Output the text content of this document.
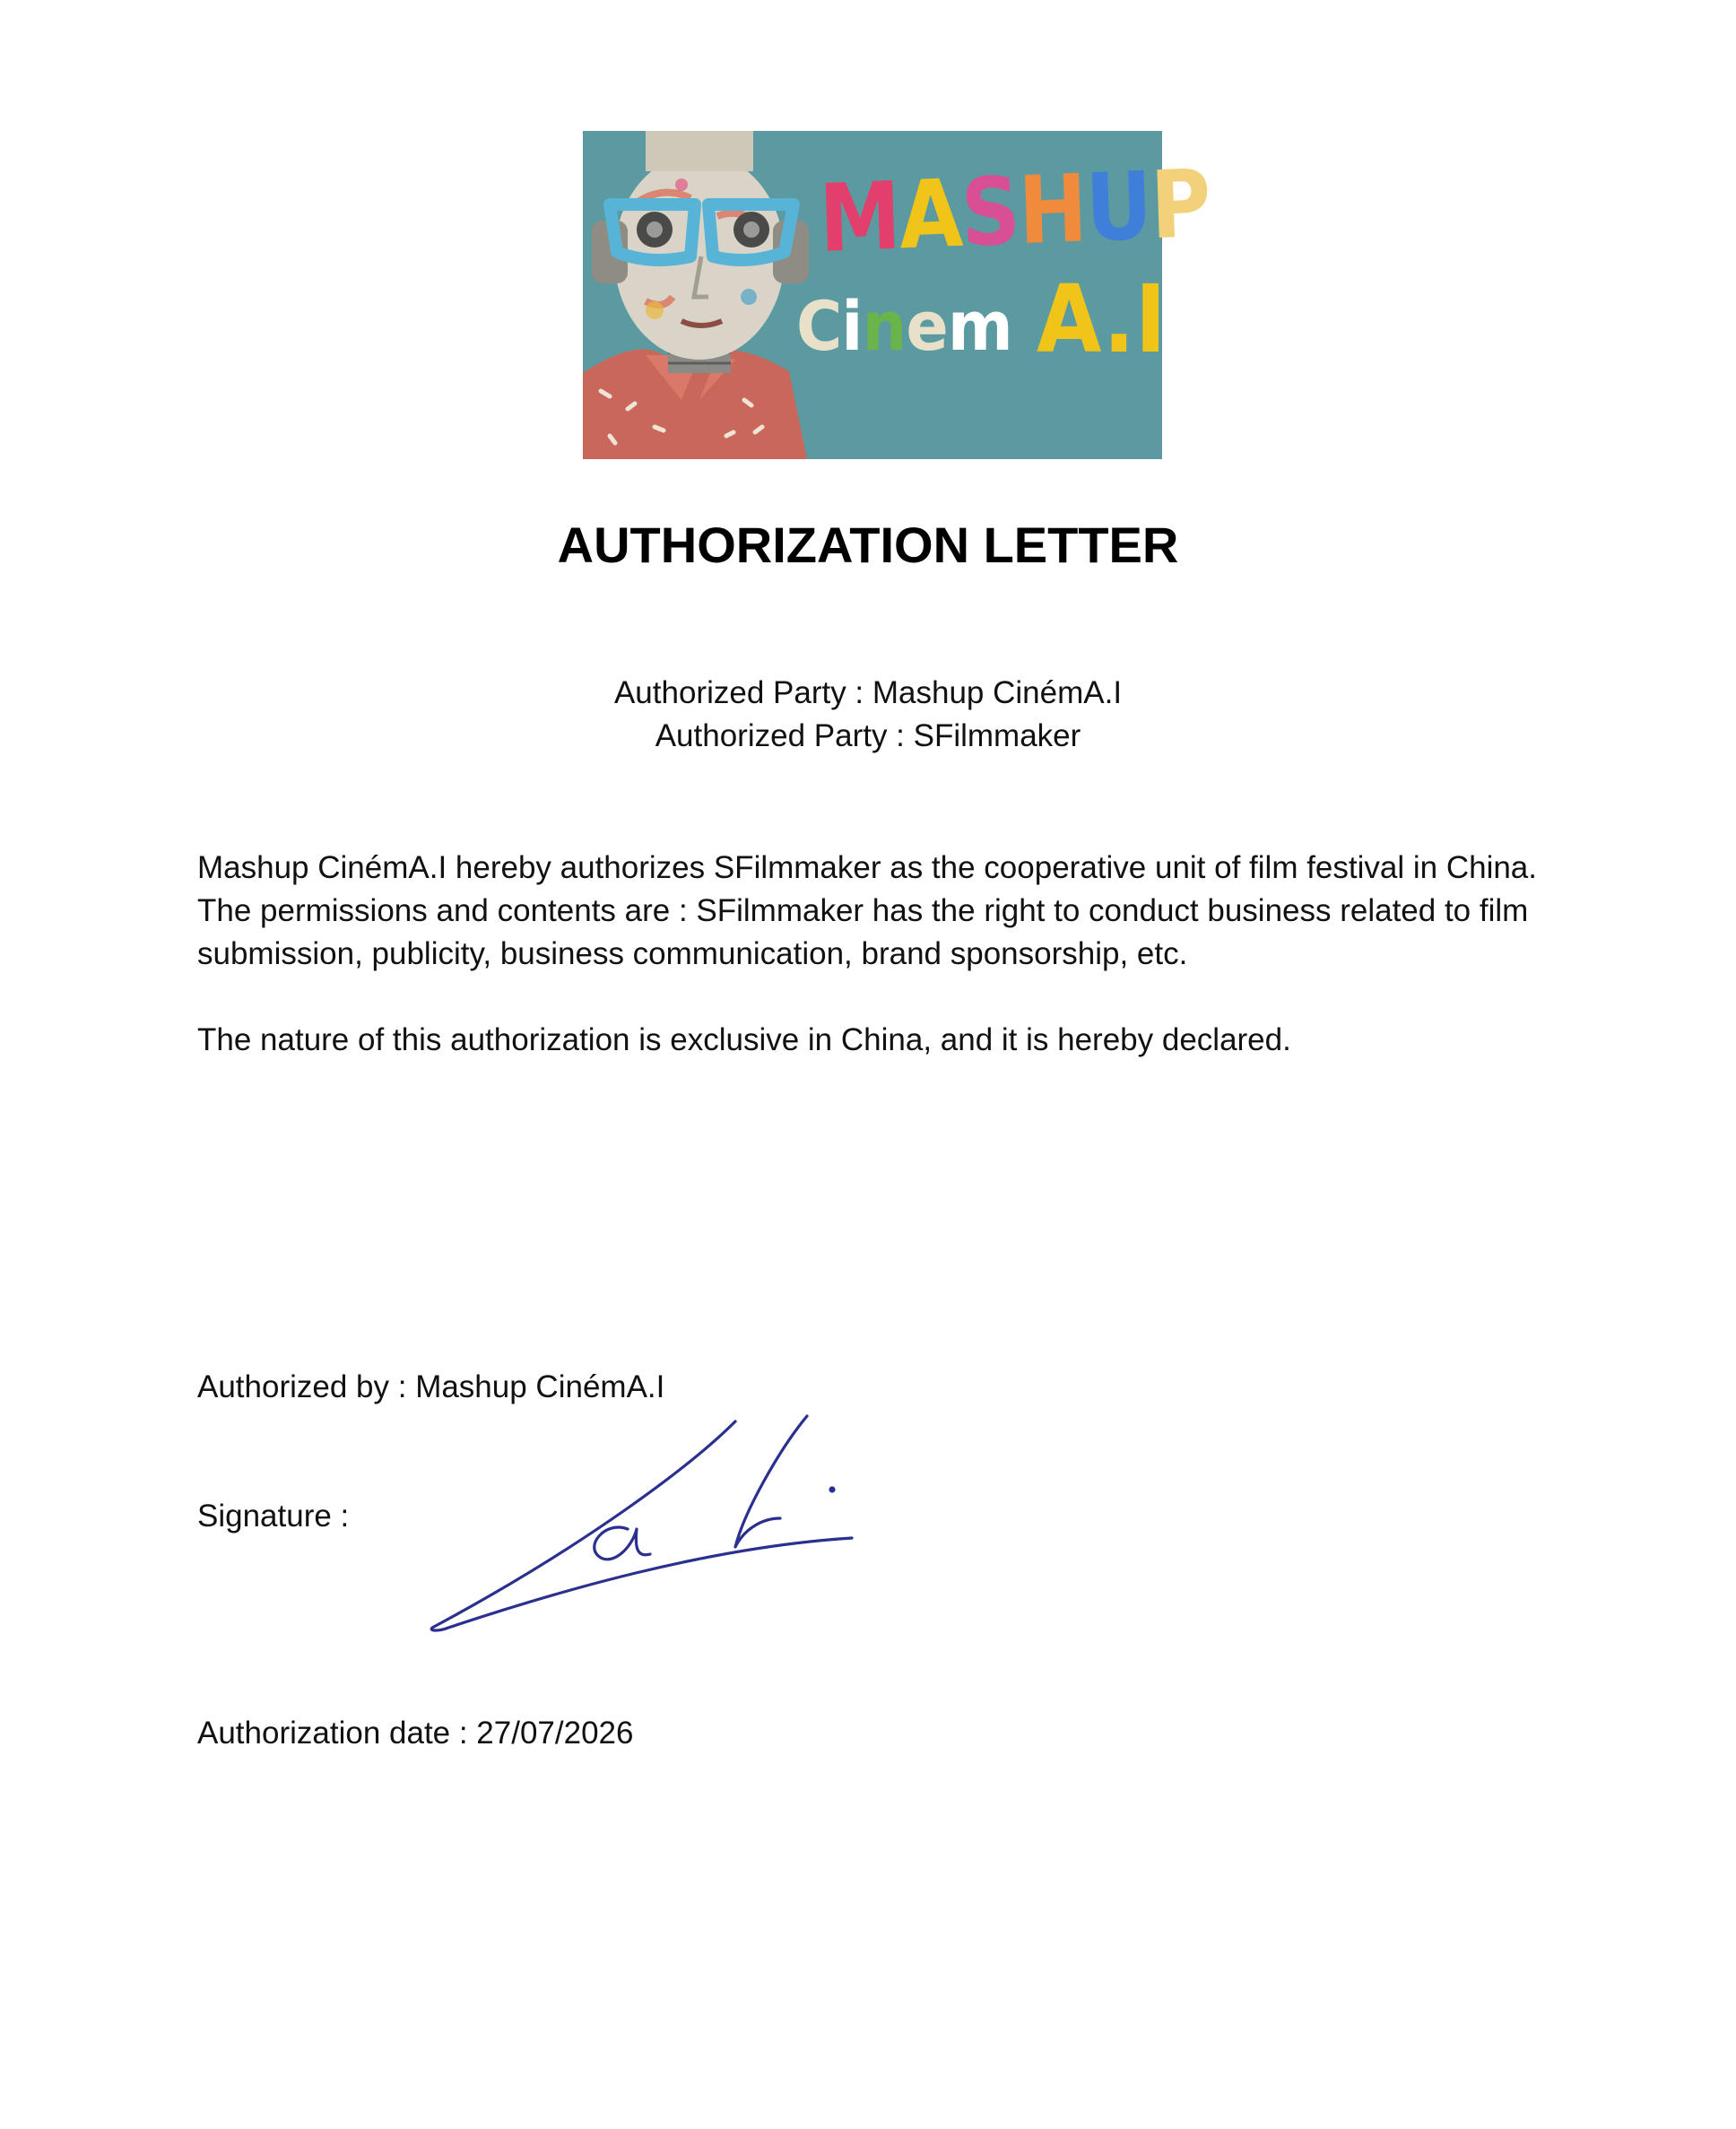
MASHUP
Cinem A.I
AUTHORIZATION LETTER
Authorized Party : Mashup CinémA.I
Authorized Party : SFilmmaker
Mashup CinémA.I hereby authorizes SFilmmaker as the cooperative unit of film festival in China. The permissions and contents are : SFilmmaker has the right to conduct business related to film submission, publicity, business communication, brand sponsorship, etc.
The nature of this authorization is exclusive in China, and it is hereby declared.
Authorized by : Mashup CinémA.I
Signature :
Authorization date : 27/07/2026
